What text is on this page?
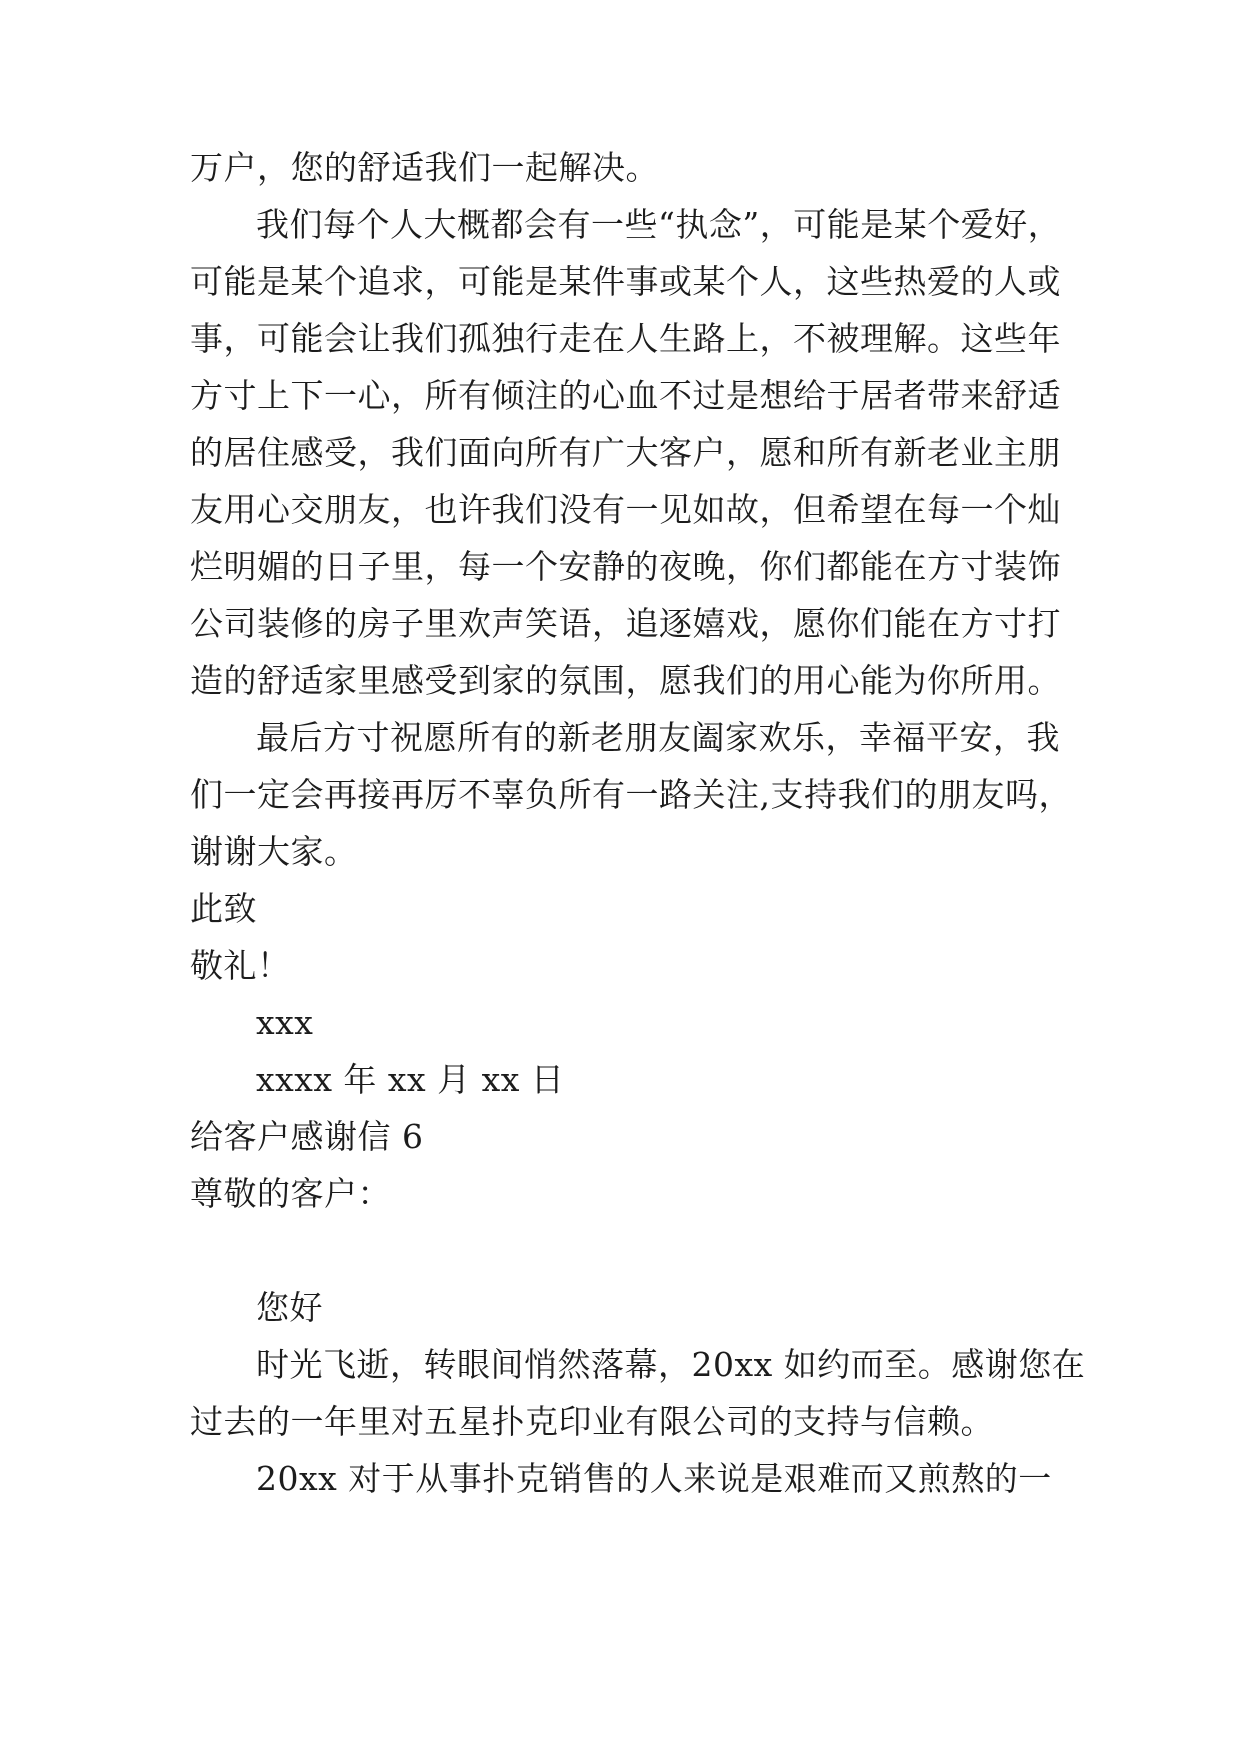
万户，您的舒适我们一起解决。
我们每个人大概都会有一些“执念”，可能是某个爱好，
可能是某个追求，可能是某件事或某个人，这些热爱的人或
事，可能会让我们孤独行走在人生路上，不被理解。这些年
方寸上下一心，所有倾注的心血不过是想给于居者带来舒适
的居住感受，我们面向所有广大客户，愿和所有新老业主朋
友用心交朋友，也许我们没有一见如故，但希望在每一个灿
烂明媚的日子里，每一个安静的夜晚，你们都能在方寸装饰
公司装修的房子里欢声笑语，追逐嬉戏，愿你们能在方寸打
造的舒适家里感受到家的氛围，愿我们的用心能为你所用。
最后方寸祝愿所有的新老朋友阖家欢乐，幸福平安，我
们一定会再接再厉不辜负所有一路关注,支持我们的朋友吗，
谢谢大家。
此致
敬礼！
xxx
xxxx 年 xx 月 xx 日
给客户感谢信 6
尊敬的客户：
您好
时光飞逝，转眼间悄然落幕，20xx 如约而至。感谢您在
过去的一年里对五星扑克印业有限公司的支持与信赖。
20xx 对于从事扑克销售的人来说是艰难而又煎熬的一
